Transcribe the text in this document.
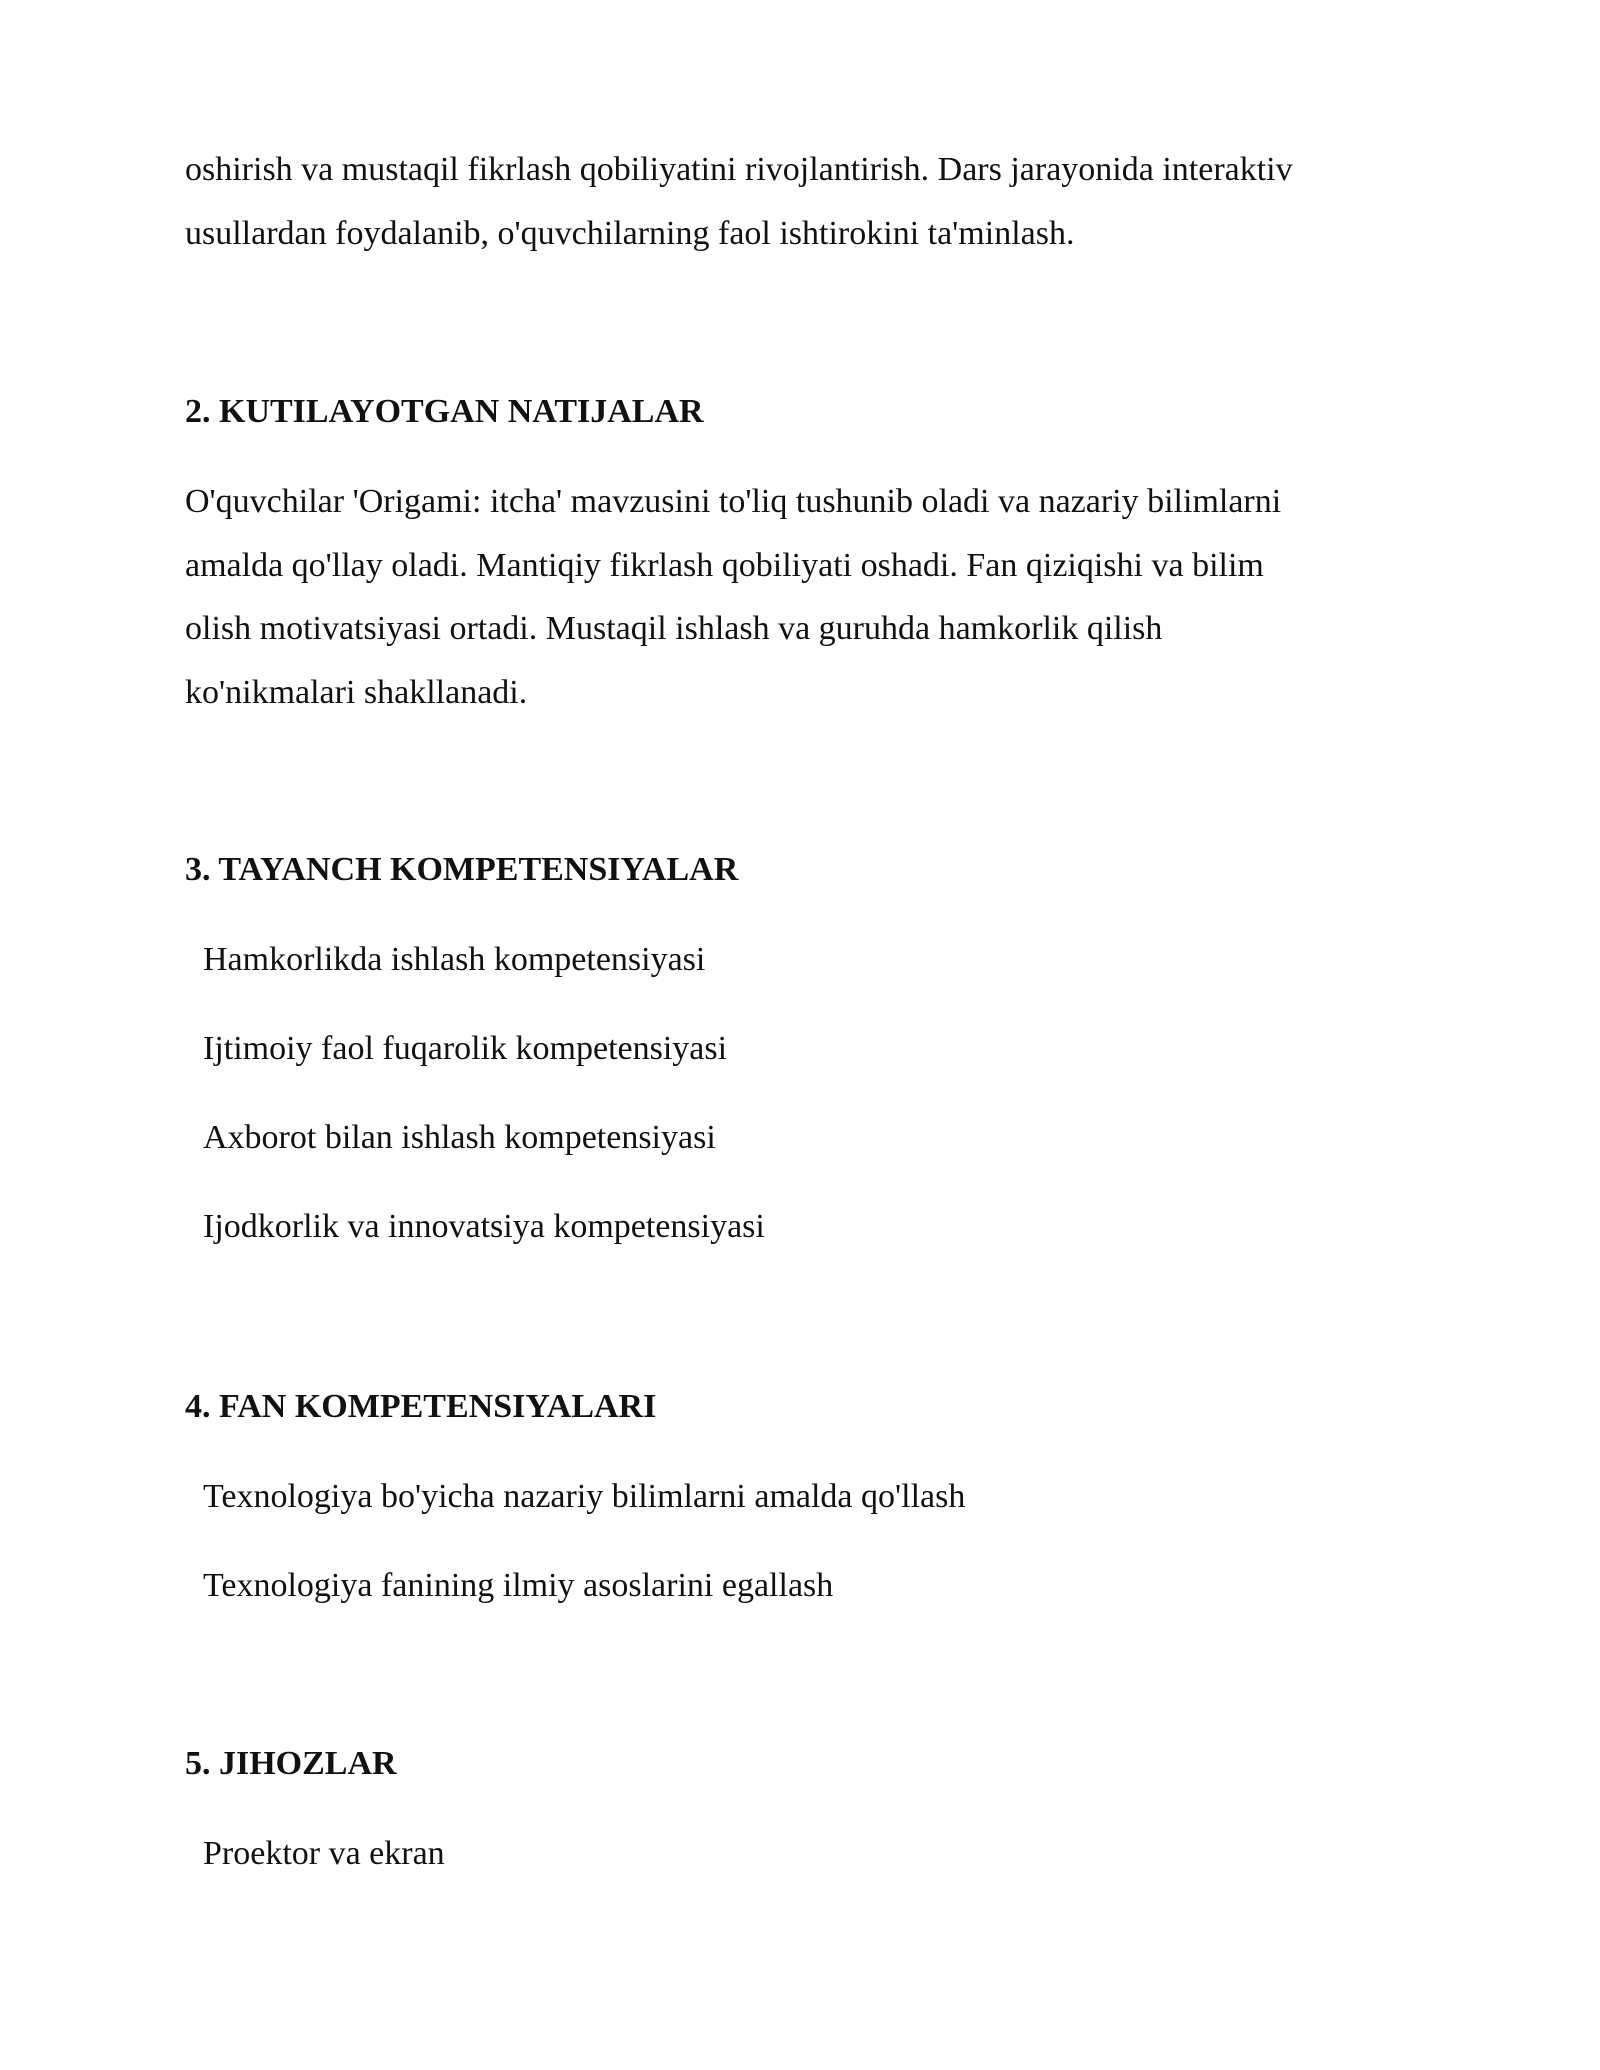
oshirish va mustaqil fikrlash qobiliyatini rivojlantirish. Dars jarayonida interaktiv
usullardan foydalanib, o'quvchilarning faol ishtirokini ta'minlash.

2. KUTILAYOTGAN NATIJALAR

O'quvchilar 'Origami: itcha' mavzusini to'liq tushunib oladi va nazariy bilimlarni
amalda qo'llay oladi. Mantiqiy fikrlash qobiliyati oshadi. Fan qiziqishi va bilim
olish motivatsiyasi ortadi. Mustaqil ishlash va guruhda hamkorlik qilish
ko'nikmalari shakllanadi.

3. TAYANCH KOMPETENSIYALAR

Hamkorlikda ishlash kompetensiyasi

Ijtimoiy faol fuqarolik kompetensiyasi

Axborot bilan ishlash kompetensiyasi

Ijodkorlik va innovatsiya kompetensiyasi

4. FAN KOMPETENSIYALARI

Texnologiya bo'yicha nazariy bilimlarni amalda qo'llash

Texnologiya fanining ilmiy asoslarini egallash

5. JIHOZLAR

Proektor va ekran
